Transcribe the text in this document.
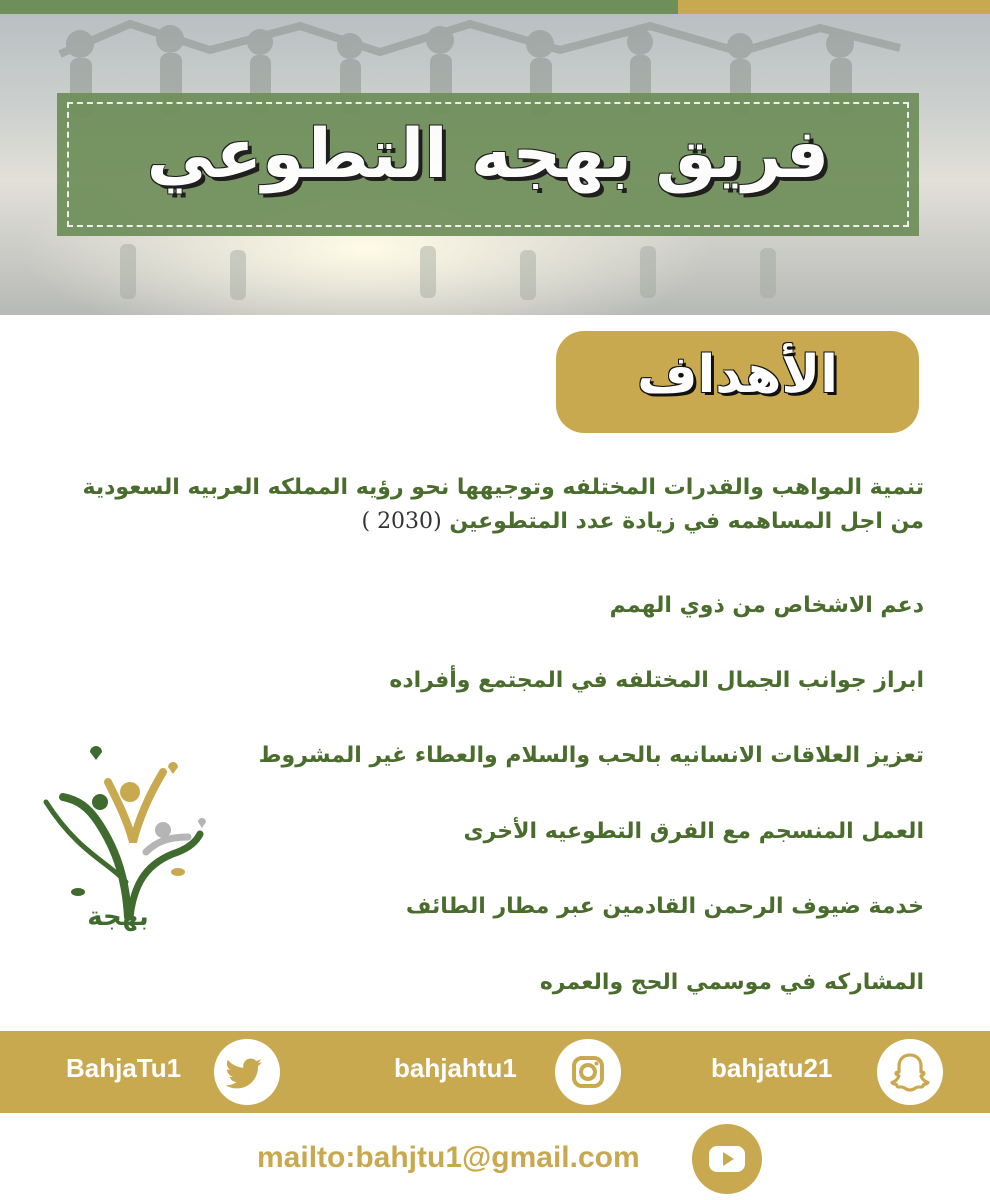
فريق بهجه التطوعي
الأهداف
تنمية المواهب والقدرات المختلفه وتوجيهها نحو رؤيه المملكه العربيه السعودية
من اجل المساهمه في زيادة عدد المتطوعين (2030 )
دعم الاشخاص من ذوي الهمم
ابراز جوانب الجمال المختلفه في المجتمع وأفراده
تعزيز العلاقات الانسانيه بالحب والسلام والعطاء غير المشروط
العمل المنسجم مع الفرق التطوعيه الأخرى
خدمة ضيوف الرحمن القادمين عبر مطار الطائف
المشاركه في موسمي الحج والعمره
بهجة
BahjaTu1	bahjahtu1	bahjatu21
mailto:bahjtu1@gmail.com
